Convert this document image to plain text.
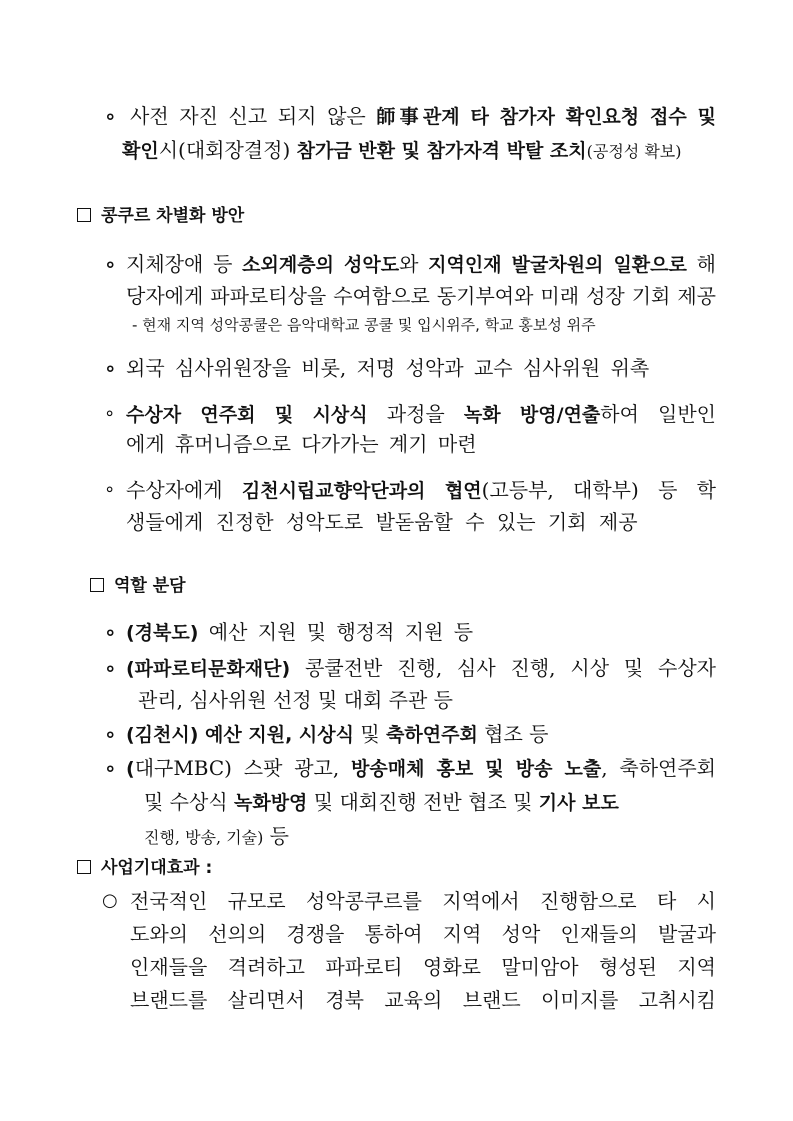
∘ 사전 자진 신고 되지 않은 師事관계 타 참가자 확인요청 접수 및
확인시(대회장결정) 참가금 반환 및 참가자격 박탈 조치(공정성 확보)
콩쿠르 차별화 방안
∘ 지체장애 등 소외계층의 성악도와 지역인재 발굴차원의 일환으로 해
당자에게 파파로티상을 수여함으로 동기부여와 미래 성장 기회 제공
- 현재 지역 성악콩쿨은 음악대학교 콩쿨 및 입시위주, 학교 홍보성 위주
∘ 외국 심사위원장을 비롯, 저명 성악과 교수 심사위원 위촉
∘ 수상자 연주회 및 시상식 과정을 녹화 방영/연출하여 일반인
에게 휴머니즘으로 다가가는 계기 마련
∘ 수상자에게 김천시립교향악단과의 협연(고등부, 대학부) 등 학
생들에게 진정한 성악도로 발돋움할 수 있는 기회 제공
역할 분담
∘ (경북도) 예산 지원 및 행정적 지원 등
∘ (파파로티문화재단) 콩쿨전반 진행, 심사 진행, 시상 및 수상자
관리, 심사위원 선정 및 대회 주관 등
∘ (김천시) 예산 지원, 시상식 및 축하연주회 협조 등
∘ (대구MBC) 스팟 광고, 방송매체 홍보 및 방송 노출, 축하연주회
및 수상식 녹화방영 및 대회진행 전반 협조 및 기사 보도
진행, 방송, 기술) 등
사업기대효과 :
○ 전국적인 규모로 성악콩쿠르를 지역에서 진행함으로 타 시
도와의 선의의 경쟁을 통하여 지역 성악 인재들의 발굴과
인재들을 격려하고 파파로티 영화로 말미암아 형성된 지역
브랜드를 살리면서 경북 교육의 브랜드 이미지를 고취시킴
